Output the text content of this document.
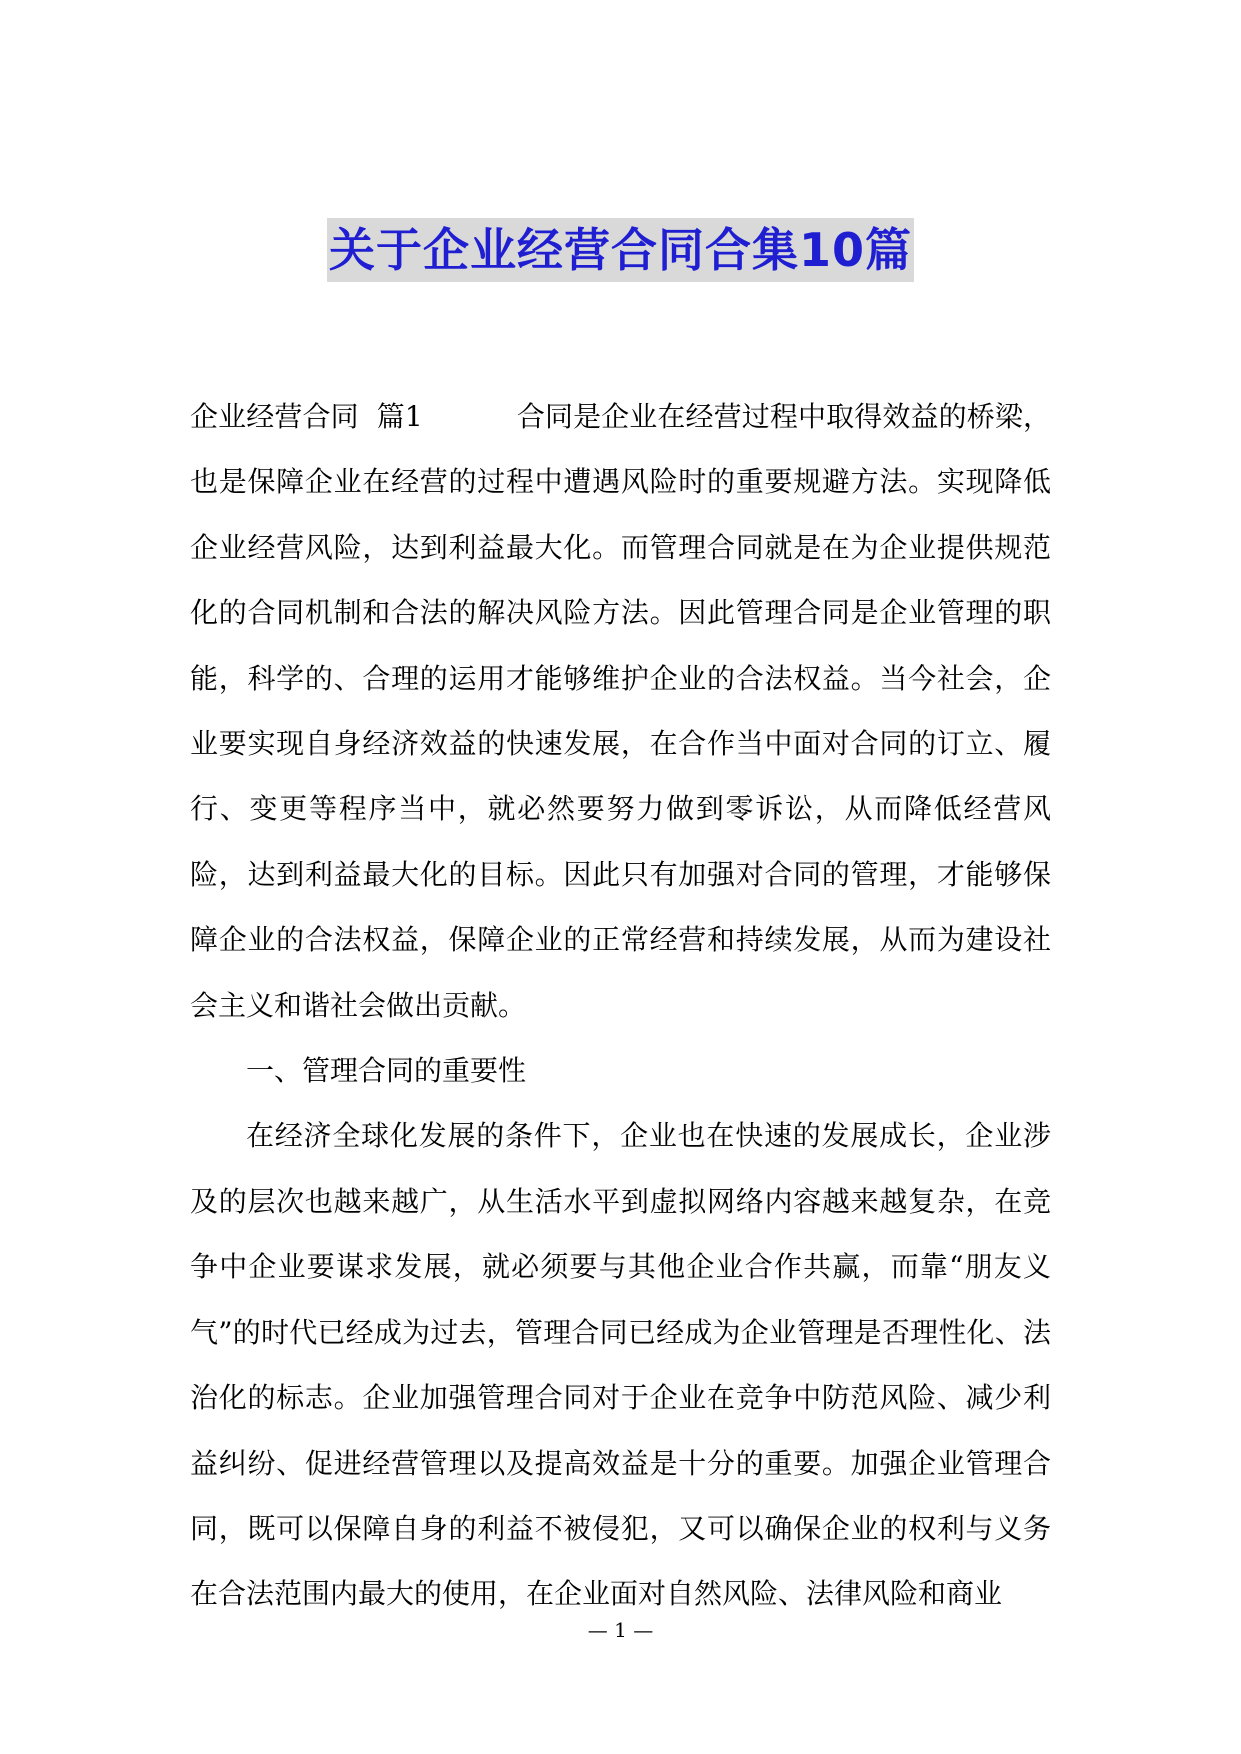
关于企业经营合同合集10篇

企业经营合同  篇1	合同是企业在经营过程中取得效益的桥梁，也是保障企业在经营的过程中遭遇风险时的重要规避方法。实现降低企业经营风险，达到利益最大化。而管理合同就是在为企业提供规范化的合同机制和合法的解决风险方法。因此管理合同是企业管理的职能，科学的、合理的运用才能够维护企业的合法权益。当今社会，企业要实现自身经济效益的快速发展，在合作当中面对合同的订立、履行、变更等程序当中，就必然要努力做到零诉讼，从而降低经营风险，达到利益最大化的目标。因此只有加强对合同的管理，才能够保障企业的合法权益，保障企业的正常经营和持续发展，从而为建设社会主义和谐社会做出贡献。

一、管理合同的重要性

在经济全球化发展的条件下，企业也在快速的发展成长，企业涉及的层次也越来越广，从生活水平到虚拟网络内容越来越复杂，在竞争中企业要谋求发展，就必须要与其他企业合作共赢，而靠“朋友义气”的时代已经成为过去，管理合同已经成为企业管理是否理性化、法治化的标志。企业加强管理合同对于企业在竞争中防范风险、减少利益纠纷、促进经营管理以及提高效益是十分的重要。加强企业管理合同，既可以保障自身的利益不被侵犯，又可以确保企业的权利与义务在合法范围内最大的使用，在企业面对自然风险、法律风险和商业

— 1 —
